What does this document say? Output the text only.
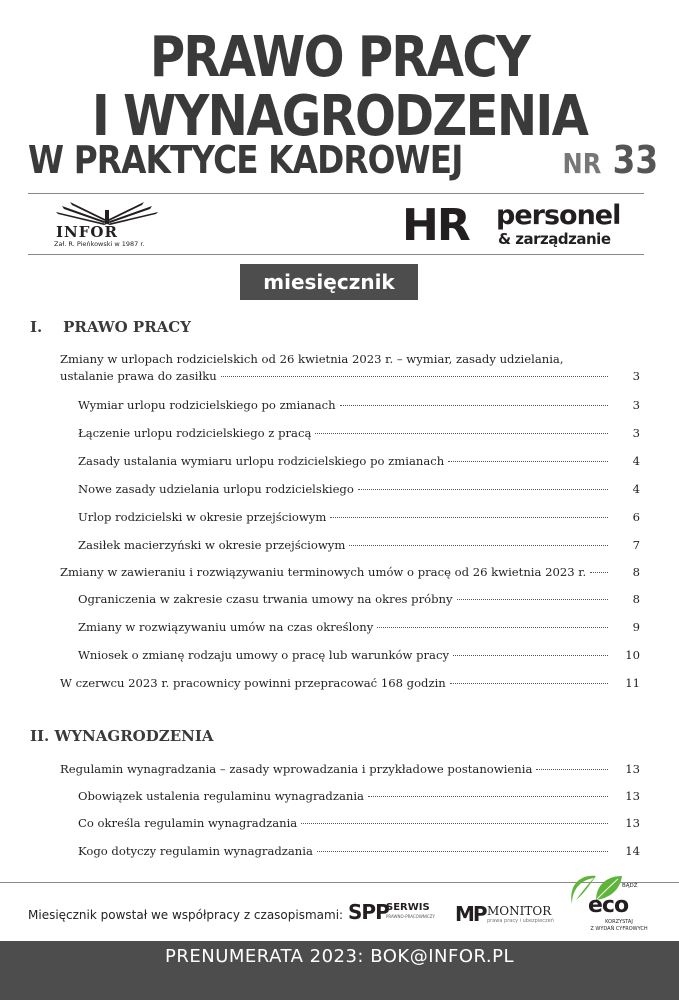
PRAWO PRACY
I WYNAGRODZENIA
W PRAKTYCE KADROWEJ	NR 33
INFOR
Zał. R. Pieńkowski w 1987 r.	HR personel
& zarządzanie
miesięcznik
I. PRAWO PRACY
Zmiany w urlopach rodzicielskich od 26 kwietnia 2023 r. – wymiar, zasady udzielania,
ustalanie prawa do zasiłku	3
Wymiar urlopu rodzicielskiego po zmianach	3
Łączenie urlopu rodzicielskiego z pracą	3
Zasady ustalania wymiaru urlopu rodzicielskiego po zmianach	4
Nowe zasady udzielania urlopu rodzicielskiego	4
Urlop rodzicielski w okresie przejściowym	6
Zasiłek macierzyński w okresie przejściowym	7
Zmiany w zawieraniu i rozwiązywaniu terminowych umów o pracę od 26 kwietnia 2023 r.	8
Ograniczenia w zakresie czasu trwania umowy na okres próbny	8
Zmiany w rozwiązywaniu umów na czas określony	9
Wniosek o zmianę rodzaju umowy o pracę lub warunków pracy	10
W czerwcu 2023 r. pracownicy powinni przepracować 168 godzin	11
II. WYNAGRODZENIA
Regulamin wynagradzania – zasady wprowadzania i przykładowe postanowienia	13
Obowiązek ustalenia regulaminu wynagradzania	13
Co określa regulamin wynagradzania	13
Kogo dotyczy regulamin wynagradzania	14
Miesięcznik powstał we współpracy z czasopismami: SPP
SERWIS
PRAWNO-PRACOWNICZY MP MONITOR
prawa pracy i ubezpieczeń
BĄDŹ
eco
KORZYSTAJ
Z WYDAŃ CYFROWYCH
PRENUMERATA 2023: BOK@INFOR.PL
